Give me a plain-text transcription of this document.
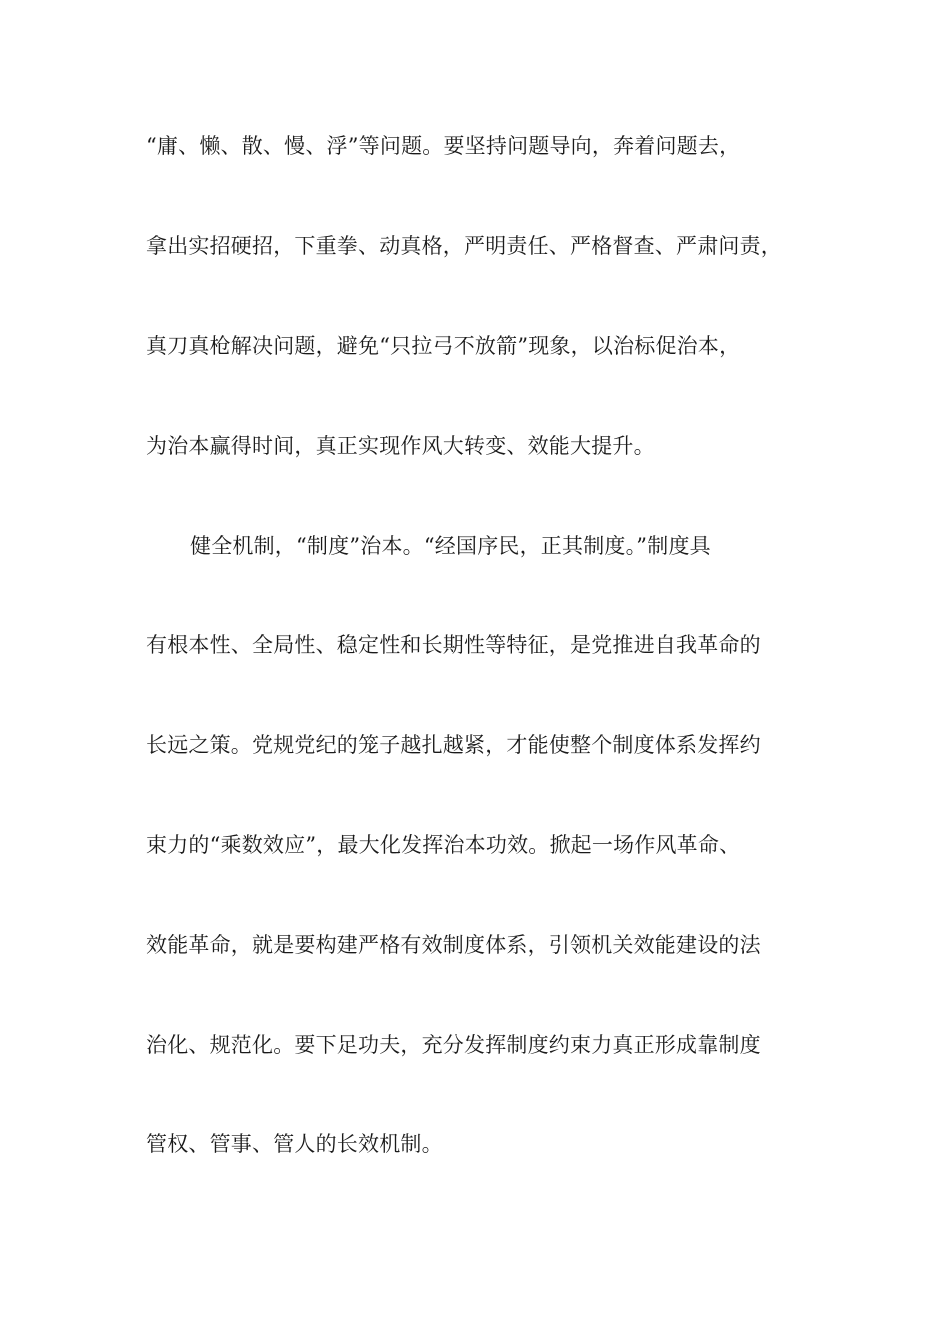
“庸、懒、散、慢、浮”等问题。要坚持问题导向，奔着问题去，
拿出实招硬招，下重拳、动真格，严明责任、严格督查、严肃问责，
真刀真枪解决问题，避免“只拉弓不放箭”现象，以治标促治本，
为治本赢得时间，真正实现作风大转变、效能大提升。
健全机制，“制度”治本。“经国序民，正其制度。”制度具
有根本性、全局性、稳定性和长期性等特征，是党推进自我革命的
长远之策。党规党纪的笼子越扎越紧，才能使整个制度体系发挥约
束力的“乘数效应”，最大化发挥治本功效。掀起一场作风革命、
效能革命，就是要构建严格有效制度体系，引领机关效能建设的法
治化、规范化。要下足功夫，充分发挥制度约束力真正形成靠制度
管权、管事、管人的长效机制。
